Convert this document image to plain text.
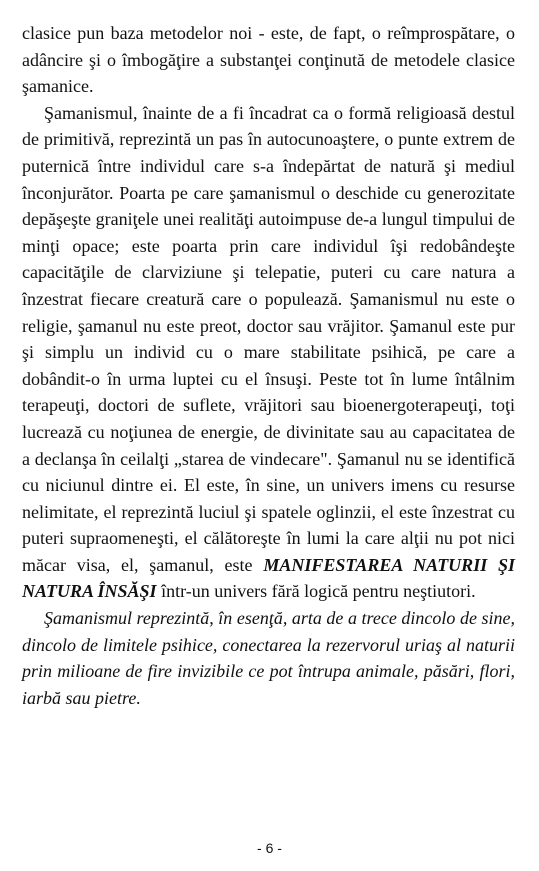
clasice pun baza metodelor noi - este, de fapt, o reîmprospătare, o adâncire şi o îmbogăţire a substanţei conţinută de metodele clasice şamanice.

Şamanismul, înainte de a fi încadrat ca o formă religioasă destul de primitivă, reprezintă un pas în autocunoaştere, o punte extrem de puternică între individul care s-a îndepărtat de natură şi mediul înconjurător. Poarta pe care şamanismul o deschide cu generozitate depăşeşte graniţele unei realităţi autoimpuse de-a lungul timpului de minţi opace; este poarta prin care individul îşi redobândeşte capacităţile de clarviziune şi telepatie, puteri cu care natura a înzestrat fiecare creatură care o populează. Şamanismul nu este o religie, şamanul nu este preot, doctor sau vrăjitor. Şamanul este pur şi simplu un individ cu o mare stabilitate psihică, pe care a dobândit-o în urma luptei cu el însuşi. Peste tot în lume întâlnim terapeuţi, doctori de suflete, vrăjitori sau bioenergoterapeuţi, toţi lucrează cu noţiunea de energie, de divinitate sau au capacitatea de a declanşa în ceilalţi „starea de vindecare". Şamanul nu se identifică cu niciunul dintre ei. El este, în sine, un univers imens cu resurse nelimitate, el reprezintă luciul şi spatele oglinzii, el este înzestrat cu puteri supraomeneşti, el călătoreşte în lumi la care alţii nu pot nici măcar visa, el, şamanul, este MANIFESTAREA NATURII ŞI NATURA ÎNSĂŞI într-un univers fără logică pentru neştiutori.

Şamanismul reprezintă, în esenţă, arta de a trece dincolo de sine, dincolo de limitele psihice, conectarea la rezervorul uriaş al naturii prin milioane de fire invizibile ce pot întrupa animale, păsări, flori, iarbă sau pietre.

- 6 -
